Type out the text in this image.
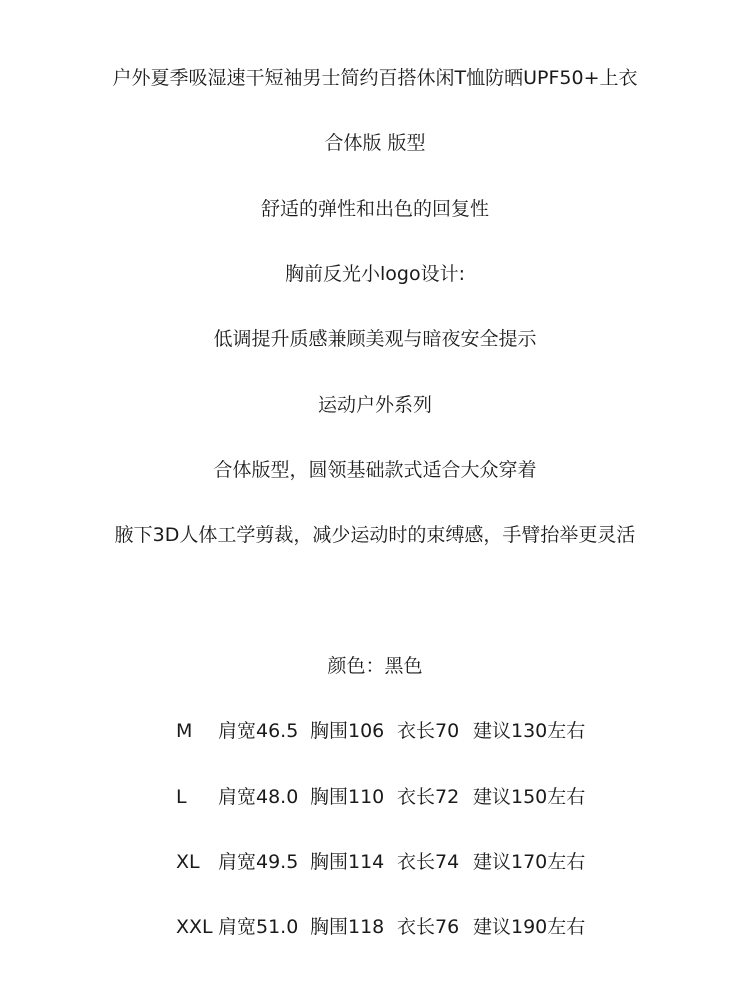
户外夏季吸湿速干短袖男士简约百搭休闲T恤防晒UPF50+上衣
合体版 版型
舒适的弹性和出色的回复性
胸前反光小logo设计:
低调提升质感兼顾美观与暗夜安全提示
运动户外系列
合体版型，圆领基础款式适合大众穿着
腋下3D人体工学剪裁，减少运动时的束缚感，手臂抬举更灵活
颜色：黑色
M 肩宽46.5 胸围106 衣长70 建议130左右
L 肩宽48.0 胸围110 衣长72 建议150左右
XL 肩宽49.5 胸围114 衣长74 建议170左右
XXL 肩宽51.0 胸围118 衣长76 建议190左右
